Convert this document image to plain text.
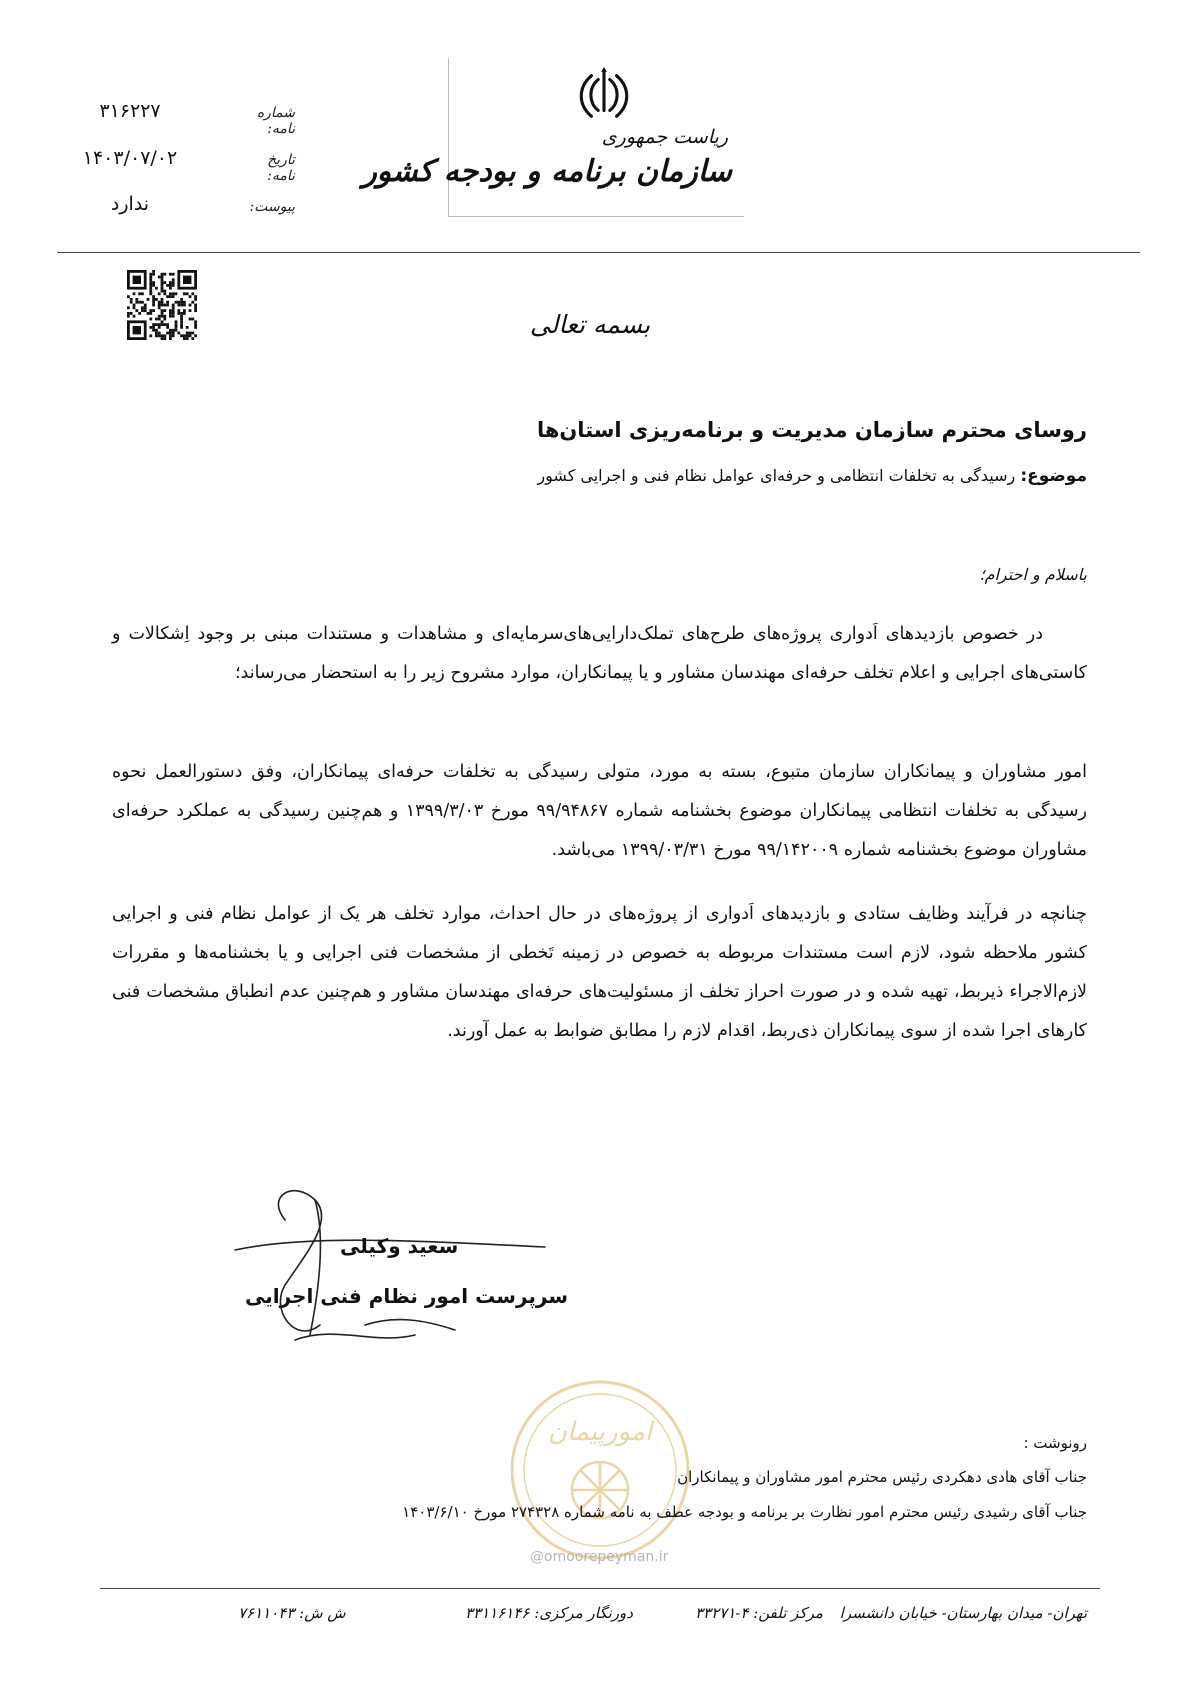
ریاست جمهوری
سازمان برنامه و بودجه کشور
شماره نامه:
۳۱۶۲۲۷
تاریخ نامه:
۱۴۰۳/۰۷/۰۲
پیوست:
ندارد
بسمه تعالی
روسای محترم سازمان مدیریت و برنامه‌ریزی استان‌ها
موضوع: رسیدگی به تخلفات انتظامی و حرفه‌ای عوامل نظام فنی و اجرایی کشور
باسلام و احترام؛
در خصوص بازدیدهای اَدواری پروژه‌های طرح‌های تملک‌دارایی‌های‌سرمایه‌ای و مشاهدات و مستندات مبنی بر وجود اِشکالات و کاستی‌های اجرایی و اعلام تخلف حرفه‌ای مهندسان مشاور و یا پیمانکاران، موارد مشروح زیر را به استحضار می‌رساند؛
امور مشاوران و پیمانکاران سازمان متبوع، بسته به مورد، متولی رسیدگی به تخلفات حرفه‌ای پیمانکاران، وفق دستورالعمل نحوه رسیدگی به تخلفات انتظامی پیمانکاران موضوع بخشنامه شماره ۹۹/۹۴۸۶۷ مورخ ۱۳۹۹/۳/۰۳ و هم‌چنین رسیدگی به عملکرد حرفه‌ای مشاوران موضوع بخشنامه شماره ۹۹/۱۴۲۰۰۹ مورخ ۱۳۹۹/۰۳/۳۱ می‌باشد.
چنانچه در فرآیند وظایف ستادی و بازدیدهای اَدواری از پروژه‌های در حال احداث، موارد تخلف هر یک از عوامل نظام فنی و اجرایی کشور ملاحظه شود، لازم است مستندات مربوطه به خصوص در زمینه تَخطی از مشخصات فنی اجرایی و یا بخشنامه‌ها و مقررات لازم‌الاجراء ذیربط، تهیه شده و در صورت احراز تخلف از مسئولیت‌های حرفه‌ای مهندسان مشاور و هم‌چنین عدم انطباق مشخصات فنی کارهای اجرا شده از سوی پیمانکاران ذی‌ربط، اقدام لازم را مطابق ضوابط به عمل آورند.
سعید وکیلی
سرپرست امور نظام فنی اجرایی
امورپیمان	رونوشت :
جناب آقای هادی دهکردی رئیس محترم امور مشاوران و پیمانکاران
جناب آقای رشیدی رئیس محترم امور نظارت بر برنامه و بودجه عطف به نامه شماره ۲۷۴۳۲۸ مورخ ۱۴۰۳/۶/۱۰
@omoorepeyman.ir
تهران- میدان بهارستان- خیابان دانشسرا
مرکز تلفن: ۴-۳۳۲۷۱
دورنگار مرکزی: ۳۳۱۱۶۱۴۶
ش ش: ۷۶۱۱۰۴۳
